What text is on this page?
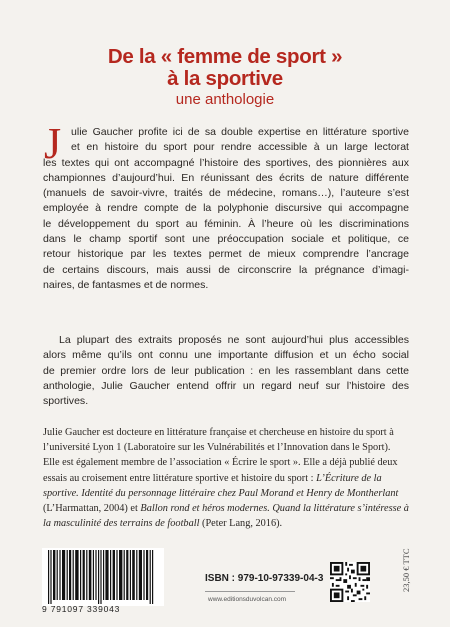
De la « femme de sport »
à la sportive
une anthologie
J ulie Gaucher profite ici de sa double expertise en littérature sportive
et en histoire du sport pour rendre accessible à un large lectorat
les textes qui ont accompagné l’histoire des sportives, des pionnières aux
championnes d’aujourd’hui. En réunissant des écrits de nature différente
(manuels de savoir-vivre, traités de médecine, romans…), l’auteure s’est
employée à rendre compte de la polyphonie discursive qui accompagne
le développement du sport au féminin. À l’heure où les discriminations
dans le champ sportif sont une préoccupation sociale et politique, ce
retour historique par les textes permet de mieux comprendre l’ancrage
de certains discours, mais aussi de circonscrire la prégnance d’imagi-
naires, de fantasmes et de normes.
La plupart des extraits proposés ne sont aujourd’hui plus accessibles
alors même qu’ils ont connu une importante diffusion et un écho social
de premier ordre lors de leur publication : en les rassemblant dans cette
anthologie, Julie Gaucher entend offrir un regard neuf sur l’histoire des
sportives.
Julie Gaucher est docteure en littérature française et chercheuse en histoire du sport à
l’université Lyon 1 (Laboratoire sur les Vulnérabilités et l’Innovation dans le Sport).
Elle est également membre de l’association « Écrire le sport ». Elle a déjà publié deux
essais au croisement entre littérature sportive et histoire du sport : L’Écriture de la
sportive. Identité du personnage littéraire chez Paul Morand et Henry de Montherlant
(L’Harmattan, 2004) et Ballon rond et héros modernes. Quand la littérature s’intéresse à
la masculinité des terrains de football (Peter Lang, 2016).
9 791097 339043
ISBN : 979-10-97339-04-3
www.editionsduvolcan.com
23,50 € TTC
